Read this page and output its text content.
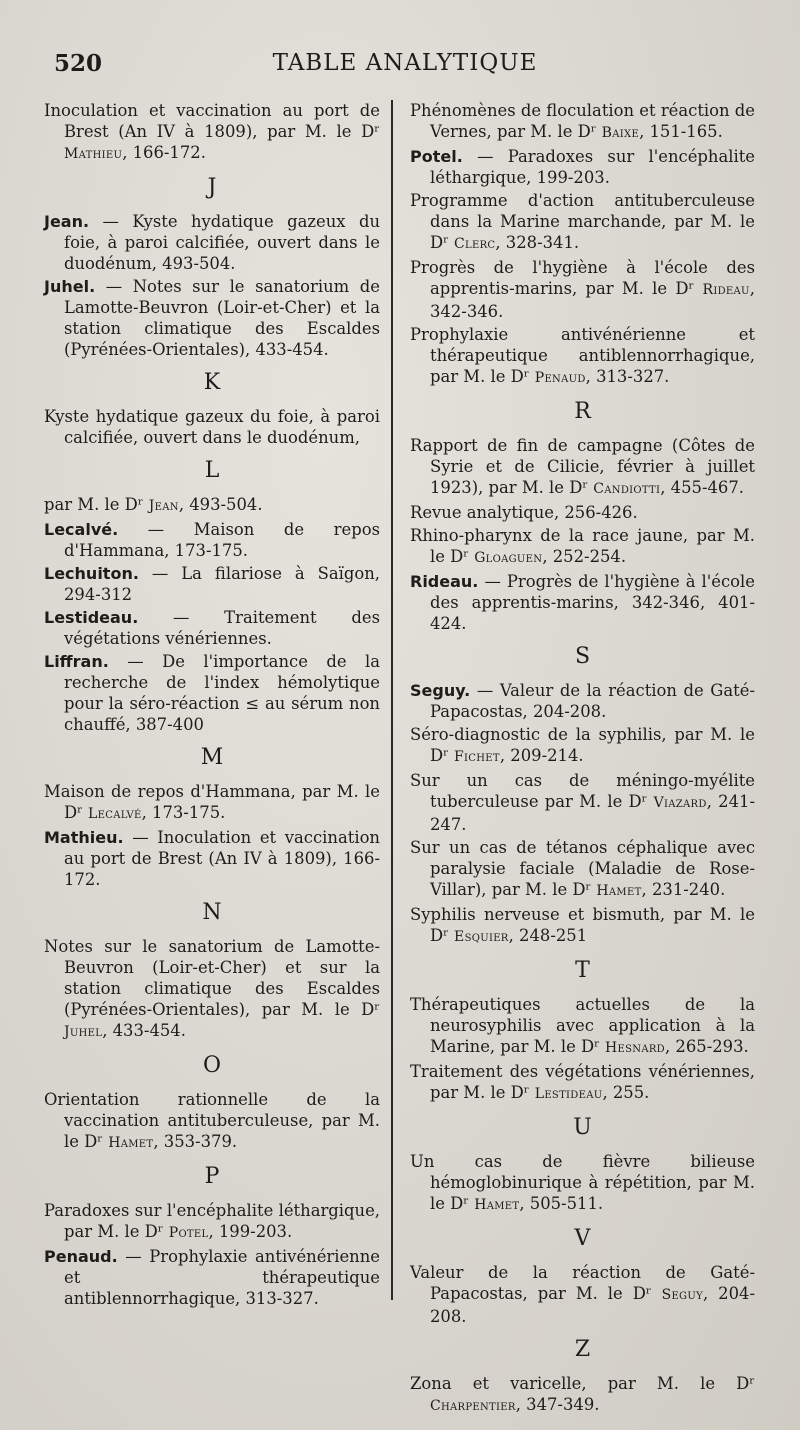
520	TABLE ANALYTIQUE

Inoculation et vaccination au port de Brest (An IV à 1809), par M. le Dʳ Mathieu, 166-172.

J

Jean. — Kyste hydatique gazeux du foie, à paroi calcifiée, ouvert dans le duodénum, 493-504.

Juhel. — Notes sur le sanatorium de Lamotte-Beuvron (Loir-et-Cher) et la station climatique des Escaldes (Pyrénées-Orientales), 433-454.

K

Kyste hydatique gazeux du foie, à paroi calcifiée, ouvert dans le duodénum,

L

par M. le Dʳ Jean, 493-504.

Lecalvé. — Maison de repos d'Hammana, 173-175.

Lechuiton. — La filariose à Saïgon, 294-312

Lestideau. — Traitement des végétations vénériennes.

Liffran. — De l'importance de la recherche de l'index hémolytique pour la séro-réaction ≤ au sérum non chauffé, 387-400

M

Maison de repos d'Hammana, par M. le Dʳ Lecalvé, 173-175.

Mathieu. — Inoculation et vaccination au port de Brest (An IV à 1809), 166-172.

N

Notes sur le sanatorium de Lamotte-Beuvron (Loir-et-Cher) et sur la station climatique des Escaldes (Pyrénées-Orientales), par M. le Dʳ Juhel, 433-454.

O

Orientation rationnelle de la vaccination antituberculeuse, par M. le Dʳ Hamet, 353-379.

P

Paradoxes sur l'encéphalite léthargique, par M. le Dʳ Potel, 199-203.

Penaud. — Prophylaxie antivénérienne et thérapeutique antiblennorrhagique, 313-327.

Phénomènes de floculation et réaction de Vernes, par M. le Dʳ Baixe, 151-165.

Potel. — Paradoxes sur l'encéphalite léthargique, 199-203.

Programme d'action antituberculeuse dans la Marine marchande, par M. le Dʳ Clerc, 328-341.

Progrès de l'hygiène à l'école des apprentis-marins, par M. le Dʳ Rideau, 342-346.

Prophylaxie antivénérienne et thérapeutique antiblennorrhagique, par M. le Dʳ Penaud, 313-327.

R

Rapport de fin de campagne (Côtes de Syrie et de Cilicie, février à juillet 1923), par M. le Dʳ Candiotti, 455-467.

Revue analytique, 256-426.

Rhino-pharynx de la race jaune, par M. le Dʳ Gloaguen, 252-254.

Rideau. — Progrès de l'hygiène à l'école des apprentis-marins, 342-346, 401-424.

S

Seguy. — Valeur de la réaction de Gaté-Papacostas, 204-208.

Séro-diagnostic de la syphilis, par M. le Dʳ Fichet, 209-214.

Sur un cas de méningo-myélite tuberculeuse par M. le Dʳ Viazard, 241-247.

Sur un cas de tétanos céphalique avec paralysie faciale (Maladie de Rose-Villar), par M. le Dʳ Hamet, 231-240.

Syphilis nerveuse et bismuth, par M. le Dʳ Esquier, 248-251

T

Thérapeutiques actuelles de la neurosyphilis avec application à la Marine, par M. le Dʳ Hesnard, 265-293.

Traitement des végétations vénériennes, par M. le Dʳ Lestideau, 255.

U

Un cas de fièvre bilieuse hémoglobinurique à répétition, par M. le Dʳ Hamet, 505-511.

V

Valeur de la réaction de Gaté-Papacostas, par M. le Dʳ Seguy, 204-208.

Z

Zona et varicelle, par M. le Dʳ Charpentier, 347-349.
